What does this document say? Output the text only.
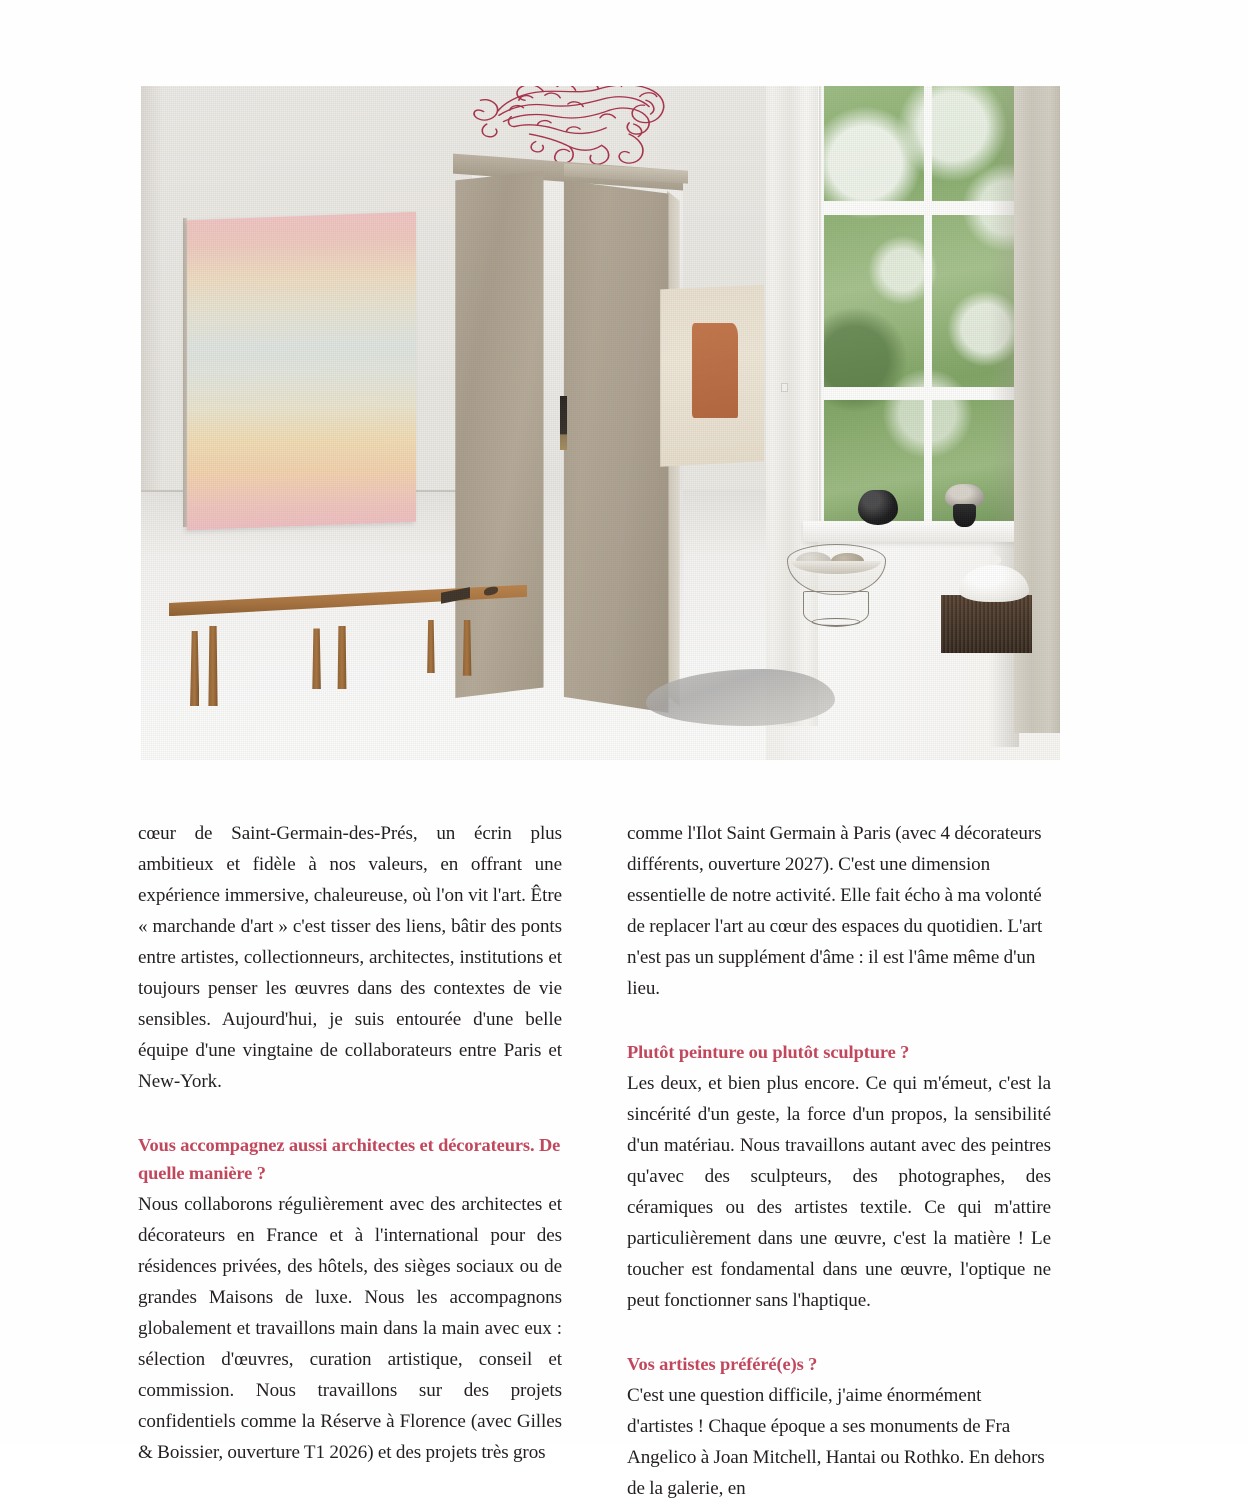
cœur de Saint-Germain-des-Prés, un écrin plus ambitieux et fidèle à nos valeurs, en offrant une expérience immersive, chaleureuse, où l'on vit l'art. Être « marchande d'art » c'est tisser des liens, bâtir des ponts entre artistes, collectionneurs, architectes, institutions et toujours penser les œuvres dans des contextes de vie sensibles. Aujourd'hui, je suis entourée d'une belle équipe d'une vingtaine de collaborateurs entre Paris et New-York.

Vous accompagnez aussi architectes et décorateurs. De quelle manière ?

Nous collaborons régulièrement avec des architectes et décorateurs en France et à l'international pour des résidences privées, des hôtels, des sièges sociaux ou de grandes Maisons de luxe. Nous les accompagnons globalement et travaillons main dans la main avec eux : sélection d'œuvres, curation artistique, conseil et commission. Nous travaillons sur des projets confidentiels comme la Réserve à Florence (avec Gilles & Boissier, ouverture T1 2026) et des projets très gros

comme l'Ilot Saint Germain à Paris (avec 4 décorateurs différents, ouverture 2027). C'est une dimension essentielle de notre activité. Elle fait écho à ma volonté de replacer l'art au cœur des espaces du quotidien. L'art n'est pas un supplément d'âme : il est l'âme même d'un lieu.

Plutôt peinture ou plutôt sculpture ?

Les deux, et bien plus encore. Ce qui m'émeut, c'est la sincérité d'un geste, la force d'un propos, la sensibilité d'un matériau. Nous travaillons autant avec des peintres qu'avec des sculpteurs, des photographes, des céramiques ou des artistes textile. Ce qui m'attire particulièrement dans une œuvre, c'est la matière ! Le toucher est fondamental dans une œuvre, l'optique ne peut fonctionner sans l'haptique.

Vos artistes préféré(e)s ?

C'est une question difficile, j'aime énormément d'artistes ! Chaque époque a ses monuments de Fra Angelico à Joan Mitchell, Hantai ou Rothko. En dehors de la galerie, en
